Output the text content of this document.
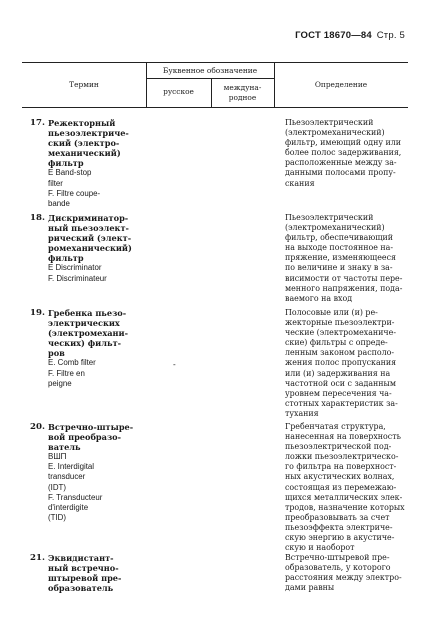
ГОСТ 18670—84 Стр. 5
Термин
Буквенное обозначение
русское	междуна-
родное
Определение
17. Режекторный
пьезоэлектриче-
ский (электро-
механический)
фильтр
E Band-stop
filter
F. Filtre coupe-
bande
Пьезоэлектрический
(электромеханический)
фильтр, имеющий одну или
более полос задерживания,
расположенные между за-
данными полосами пропу-
скания
18. Дискриминатор-
ный пьезоэлект-
рический (элект-
ромеханический)
фильтр
E Discriminator
F. Discriminateur
Пьезоэлектрический
(электромеханический)
фильтр, обеспечивающий
на выходе постоянное на-
пряжение, изменяющееся
по величине и знаку в за-
висимости от частоты пере-
менного напряжения, пода-
ваемого на вход
19. Гребенка пьезо-
электрических
(электромехани-
ческих) фильт-
ров
E. Comb filter
F. Filtre en
peigne
-
Полосовые или (и) ре-
жекторные пьезоэлектри-
ческие (электромеханиче-
ские) фильтры с опреде-
ленным законом располо-
жения полос пропускания
или (и) задерживания на
частотной оси с заданным
уровнем пересечения ча-
стотных характеристик за-
тухания
20. Встречно-штыре-
вой преобразо-
ватель
ВШП
E. Interdigital
transducer
(IDT)
F. Transducteur
d'interdigite
(TID)
Гребенчатая структура,
нанесенная на поверхность
пьезоэлектрической под-
ложки пьезоэлектрическо-
го фильтра на поверхност-
ных акустических волнах,
состоящая из перемежаю-
щихся металлических элек-
тродов, назначение которых
преобразовывать за счет
пьезоэффекта электриче-
скую энергию в акустиче-
скую и наоборот
21. Эквидистант-
ный встречно-
штыревой пре-
образователь
Встречно-штыревой пре-
образователь, у которого
расстояния между электро-
дами равны
